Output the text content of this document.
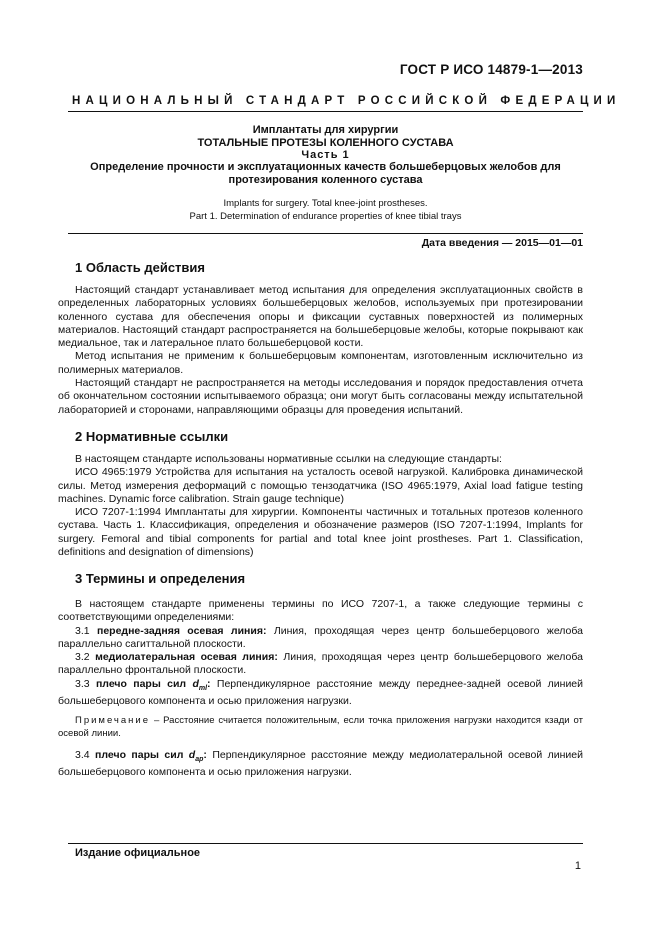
ГОСТ Р ИСО 14879-1—2013
НАЦИОНАЛЬНЫЙ СТАНДАРТ РОССИЙСКОЙ ФЕДЕРАЦИИ
Имплантаты для хирургии
ТОТАЛЬНЫЕ ПРОТЕЗЫ КОЛЕННОГО СУСТАВА
Часть 1
Определение прочности и эксплуатационных качеств большеберцовых желобов для
протезирования коленного сустава
Implants for surgery. Total knee-joint prostheses.
Part 1. Determination of endurance properties of knee tibial trays
Дата введения — 2015—01—01
1 Область действия
Настоящий стандарт устанавливает метод испытания для определения эксплуатационных свойств в определенных лабораторных условиях большеберцовых желобов, используемых при протезировании коленного сустава для обеспечения опоры и фиксации суставных поверхностей из полимерных материалов. Настоящий стандарт распространяется на большеберцовые желобы, которые покрывают как медиальное, так и латеральное плато большеберцовой кости.
Метод испытания не применим к большеберцовым компонентам, изготовленным исключительно из полимерных материалов.
Настоящий стандарт не распространяется на методы исследования и порядок предоставления отчета об окончательном состоянии испытываемого образца; они могут быть согласованы между испытательной лабораторией и сторонами, направляющими образцы для проведения испытаний.
2 Нормативные ссылки
В настоящем стандарте использованы нормативные ссылки на следующие стандарты:
ИСО 4965:1979 Устройства для испытания на усталость осевой нагрузкой. Калибровка динамической силы. Метод измерения деформаций с помощью тензодатчика (ISO 4965:1979, Axial load fatigue testing machines. Dynamic force calibration. Strain gauge technique)
ИСО 7207-1:1994 Имплантаты для хирургии. Компоненты частичных и тотальных протезов коленного сустава. Часть 1. Классификация, определения и обозначение размеров (ISO 7207-1:1994, Implants for surgery. Femoral and tibial components for partial and total knee joint prostheses. Part 1. Classification, definitions and designation of dimensions)
3 Термины и определения
В настоящем стандарте применены термины по ИСО 7207-1, а также следующие термины с соответствующими определениями:
3.1 передне-задняя осевая линия: Линия, проходящая через центр большеберцового желоба параллельно сагиттальной плоскости.
3.2 медиолатеральная осевая линия: Линия, проходящая через центр большеберцового желоба параллельно фронтальной плоскости.
3.3 плечо пары сил $d_{ml}$: Перпендикулярное расстояние между переднее-задней осевой линией большеберцового компонента и осью приложения нагрузки.
Примечание – Расстояние считается положительным, если точка приложения нагрузки находится кзади от осевой линии.
3.4 плечо пары сил $d_{ap}$: Перпендикулярное расстояние между медиолатеральной осевой линией большеберцового компонента и осью приложения нагрузки.
Издание официальное
1
